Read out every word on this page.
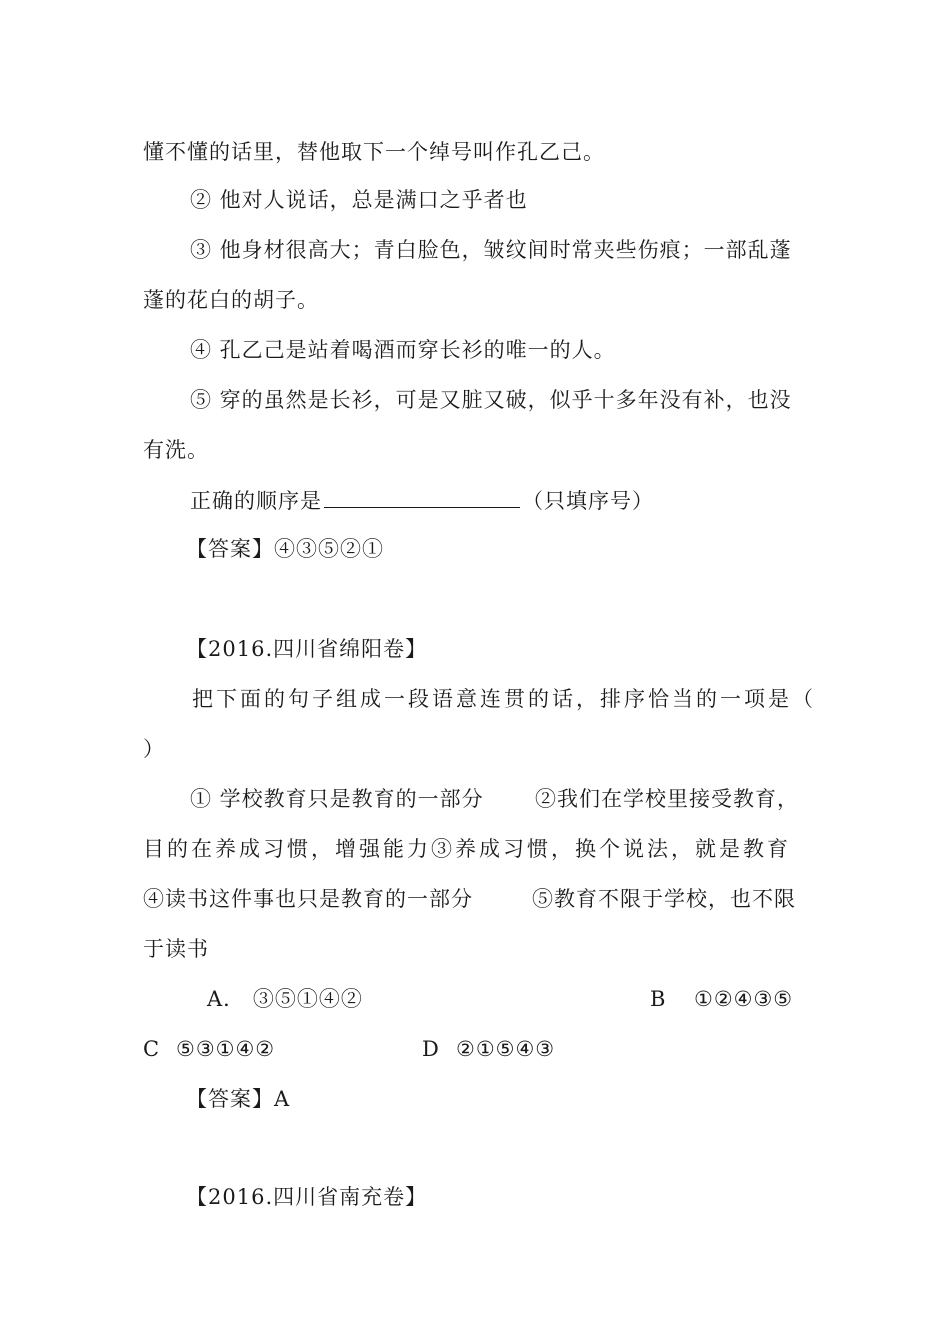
懂不懂的话里，替他取下一个绰号叫作孔乙己。
② 他对人说话，总是满口之乎者也
③ 他身材很高大；青白脸色，皱纹间时常夹些伤痕；一部乱蓬
蓬的花白的胡子。
④ 孔乙己是站着喝酒而穿长衫的唯一的人。
⑤ 穿的虽然是长衫，可是又脏又破，似乎十多年没有补，也没
有洗。
正确的顺序是	（只填序号）
【答案】④③⑤②①
【2016.四川省绵阳卷】
把下面的句子组成一段语意连贯的话，排序恰当的一项是（
）
① 学校教育只是教育的一部分 ②我们在学校里接受教育，
目的在养成习惯，增强能力③养成习惯，换个说法，就是教育
④读书这件事也只是教育的一部分	⑤教育不限于学校，也不限
于读书
A． ③⑤①④②	B ①②④③⑤
C ⑤③①④②	D ②①⑤④③
【答案】A
【2016.四川省南充卷】
